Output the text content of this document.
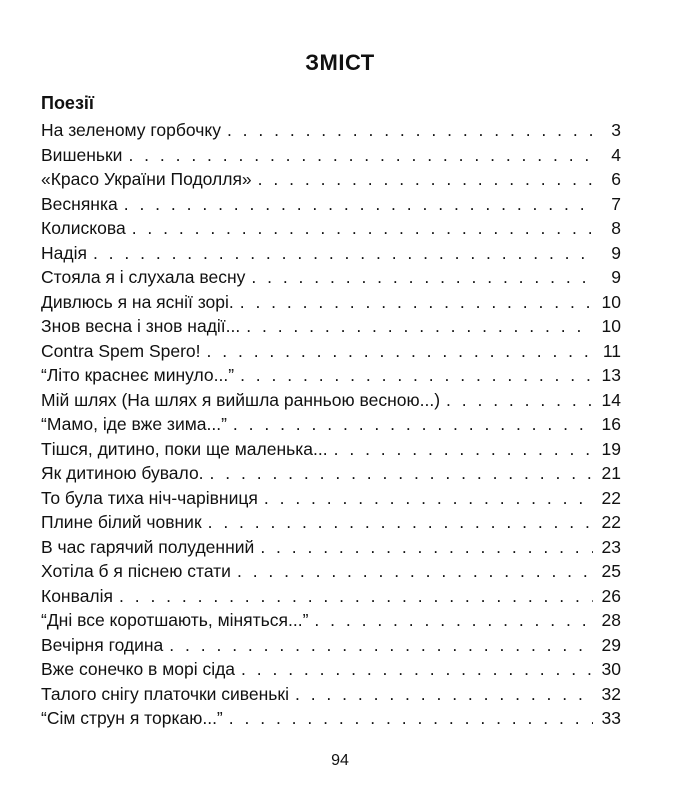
ЗМІСТ
Поезії
На зеленому горбочку . . .	3
Вишеньки . . .	4
«Красо України Подолля» . . .	6
Веснянка . . .	7
Колискова . . .	8
Надія . . .	9
Стояла я і слухала весну . . .	9
Дивлюсь я на яснії зорі. . . .	10
Знов весна і знов надії... . . .	10
Contra Spem Spero! . . .	11
“Літо краснеє минуло...” . . .	13
Мій шлях (На шлях я вийшла ранньою весною...) . . .	14
“Мамо, іде вже зима...” . . .	16
Тішся, дитино, поки ще маленька... . . .	19
Як дитиною бувало. . . .	21
То була тиха ніч-чарівниця . . .	22
Плине білий човник . . .	22
В час гарячий полуденний . . .	23
Хотіла б я піснею стати . . .	25
Конвалія . . .	26
“Дні все коротшають, міняться...” . . .	28
Вечірня година . . .	29
Вже сонечко в морі сіда . . .	30
Талого снігу платочки сивенькі . . .	32
“Сім струн я торкаю...” . . .	33
94
